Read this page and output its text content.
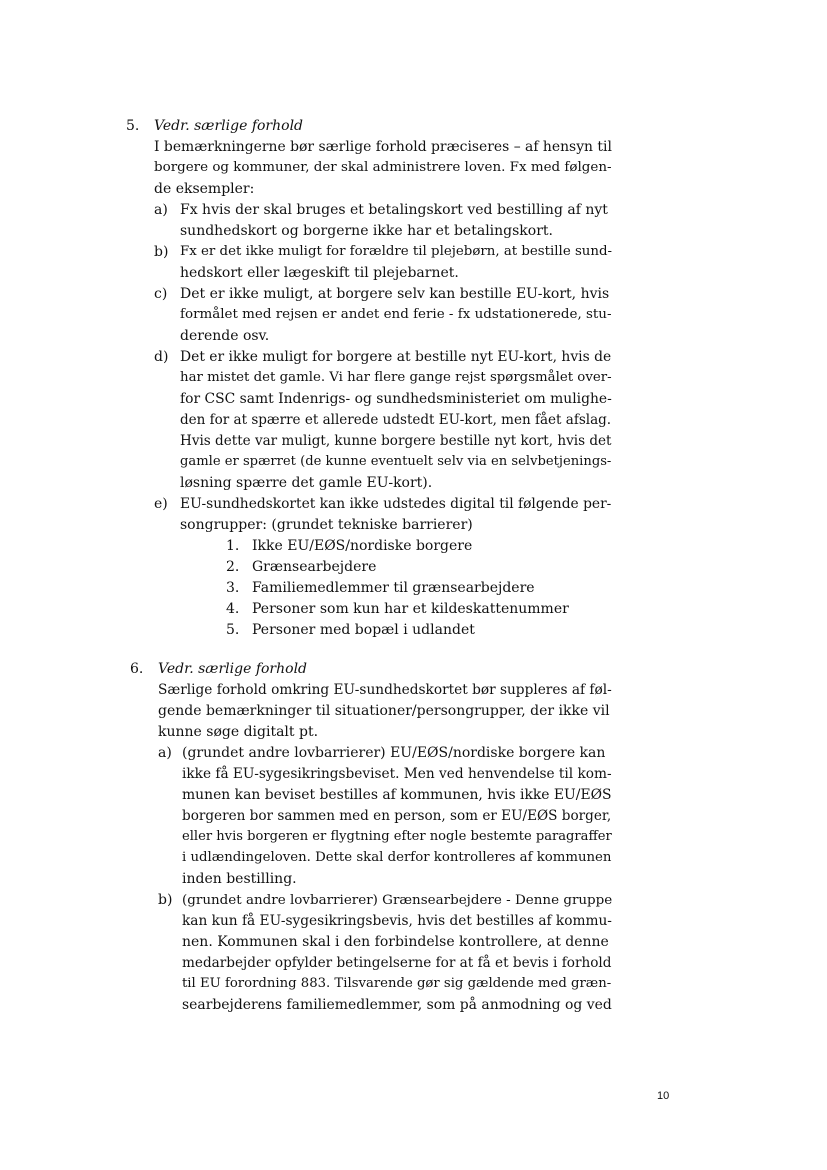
5. Vedr. særlige forhold
I bemærkningerne bør særlige forhold præciseres – af hensyn til
borgere og kommuner, der skal administrere loven. Fx med følgen-
de eksempler:
a) Fx hvis der skal bruges et betalingskort ved bestilling af nyt
sundhedskort og borgerne ikke har et betalingskort.
b) Fx er det ikke muligt for forældre til plejebørn, at bestille sund-
hedskort eller lægeskift til plejebarnet.
c) Det er ikke muligt, at borgere selv kan bestille EU-kort, hvis
formålet med rejsen er andet end ferie - fx udstationerede, stu-
derende osv.
d) Det er ikke muligt for borgere at bestille nyt EU-kort, hvis de
har mistet det gamle. Vi har flere gange rejst spørgsmålet over-
for CSC samt Indenrigs- og sundhedsministeriet om mulighe-
den for at spærre et allerede udstedt EU-kort, men fået afslag.
Hvis dette var muligt, kunne borgere bestille nyt kort, hvis det
gamle er spærret (de kunne eventuelt selv via en selvbetjenings-
løsning spærre det gamle EU-kort).
e) EU-sundhedskortet kan ikke udstedes digital til følgende per-
songrupper: (grundet tekniske barrierer)
1. Ikke EU/EØS/nordiske borgere
2. Grænsearbejdere
3. Familiemedlemmer til grænsearbejdere
4. Personer som kun har et kildeskattenummer
5. Personer med bopæl i udlandet
6. Vedr. særlige forhold
Særlige forhold omkring EU-sundhedskortet bør suppleres af føl-
gende bemærkninger til situationer/persongrupper, der ikke vil
kunne søge digitalt pt.
a) (grundet andre lovbarrierer) EU/EØS/nordiske borgere kan
ikke få EU-sygesikringsbeviset. Men ved henvendelse til kom-
munen kan beviset bestilles af kommunen, hvis ikke EU/EØS
borgeren bor sammen med en person, som er EU/EØS borger,
eller hvis borgeren er flygtning efter nogle bestemte paragraffer
i udlændingeloven. Dette skal derfor kontrolleres af kommunen
inden bestilling.
b) (grundet andre lovbarrierer) Grænsearbejdere - Denne gruppe
kan kun få EU-sygesikringsbevis, hvis det bestilles af kommu-
nen. Kommunen skal i den forbindelse kontrollere, at denne
medarbejder opfylder betingelserne for at få et bevis i forhold
til EU forordning 883. Tilsvarende gør sig gældende med græn-
searbejderens familiemedlemmer, som på anmodning og ved
10
